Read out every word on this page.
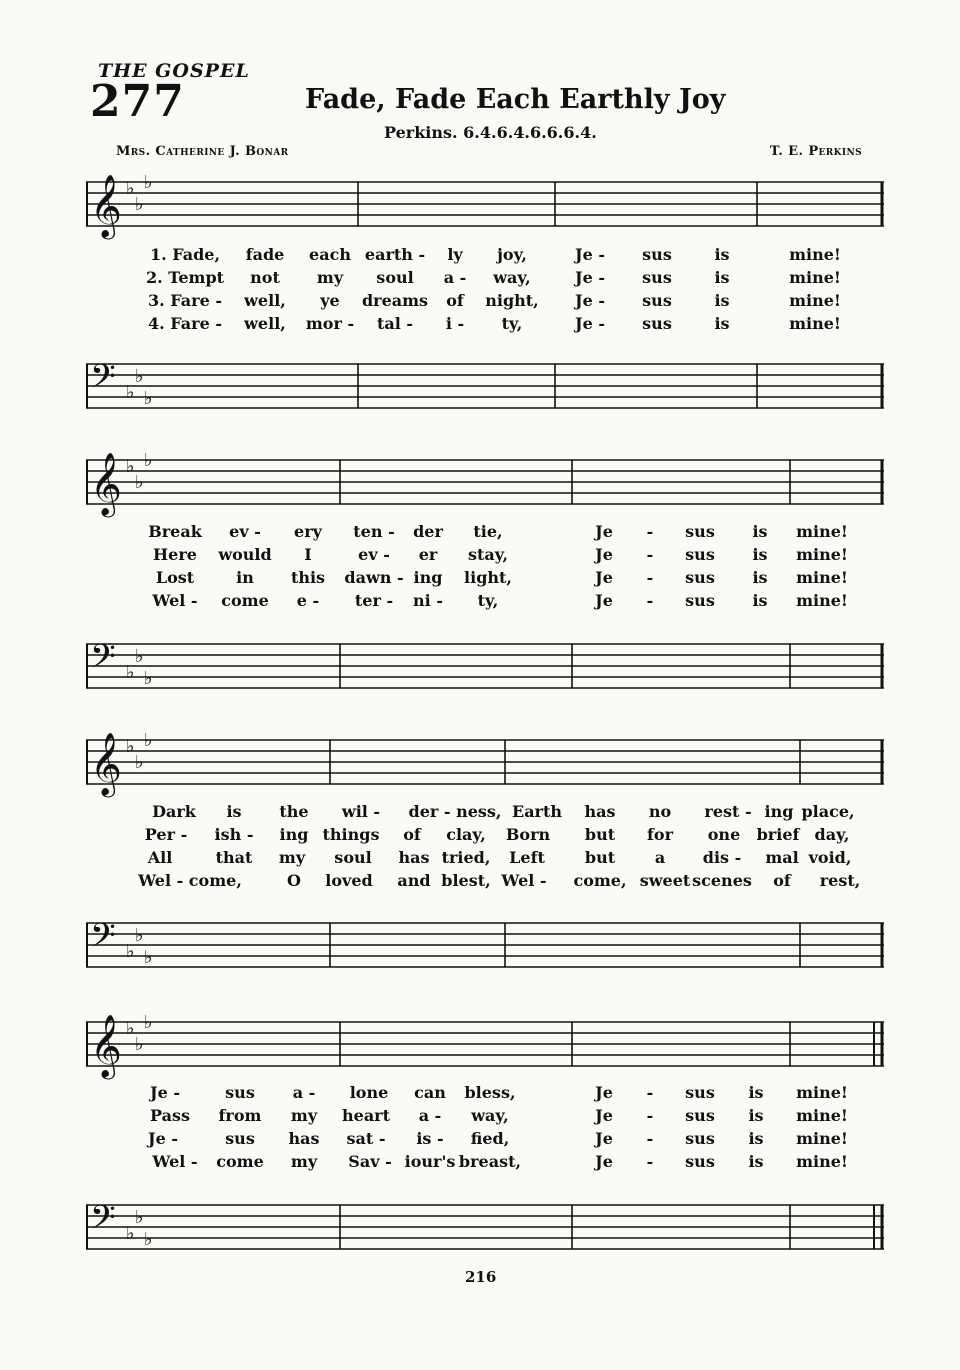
THE GOSPEL
277	Fade, Fade Each Earthly Joy
Perkins. 6.4.6.4.6.6.6.4.
Mrs. Catherine J. Bonar	T. E. Perkins
𝄞 ♭
♭
♭
𝄢 ♭
♭
♭
𝄞 ♭
♭
♭
𝄢 ♭
♭
♭
𝄞 ♭
♭
♭
𝄢 ♭
♭
♭
𝄞 ♭
♭
♭
𝄢 ♭
♭
♭
1. Fade, fade each earth - ly joy,	Je - sus	is	mine!
2. Tempt not my soul a - way,	Je - sus	is	mine!
3. Fare - well, ye dreams of night, Je - sus	is	mine!
4. Fare - well, mor - tal - i - ty,	Je - sus	is	mine!
Break ev - ery ten - der tie,	Je - sus is mine!
Here would I	ev - er stay,	Je - sus is mine!
Lost	in this dawn - ing light,	Je - sus is mine!
Wel - come e - ter - ni - ty,	Je - sus is mine!
Dark is the wil - der - ness, Earth has no rest - ing place,
Per - ish - ing things of clay, Born but for one brief day,
All	that my soul has tried, Left	but a dis - mal void,
Wel - come,	O loved and blest, Wel - come, sweet scenes of rest,
Je -	sus a - lone can bless,	Je - sus is mine!
Pass from my heart a - way,	Je - sus is mine!
Je -	sus has sat - is - fied,	Je - sus is mine!
Wel - come my Sav - iour's breast,	Je - sus is mine!
216
